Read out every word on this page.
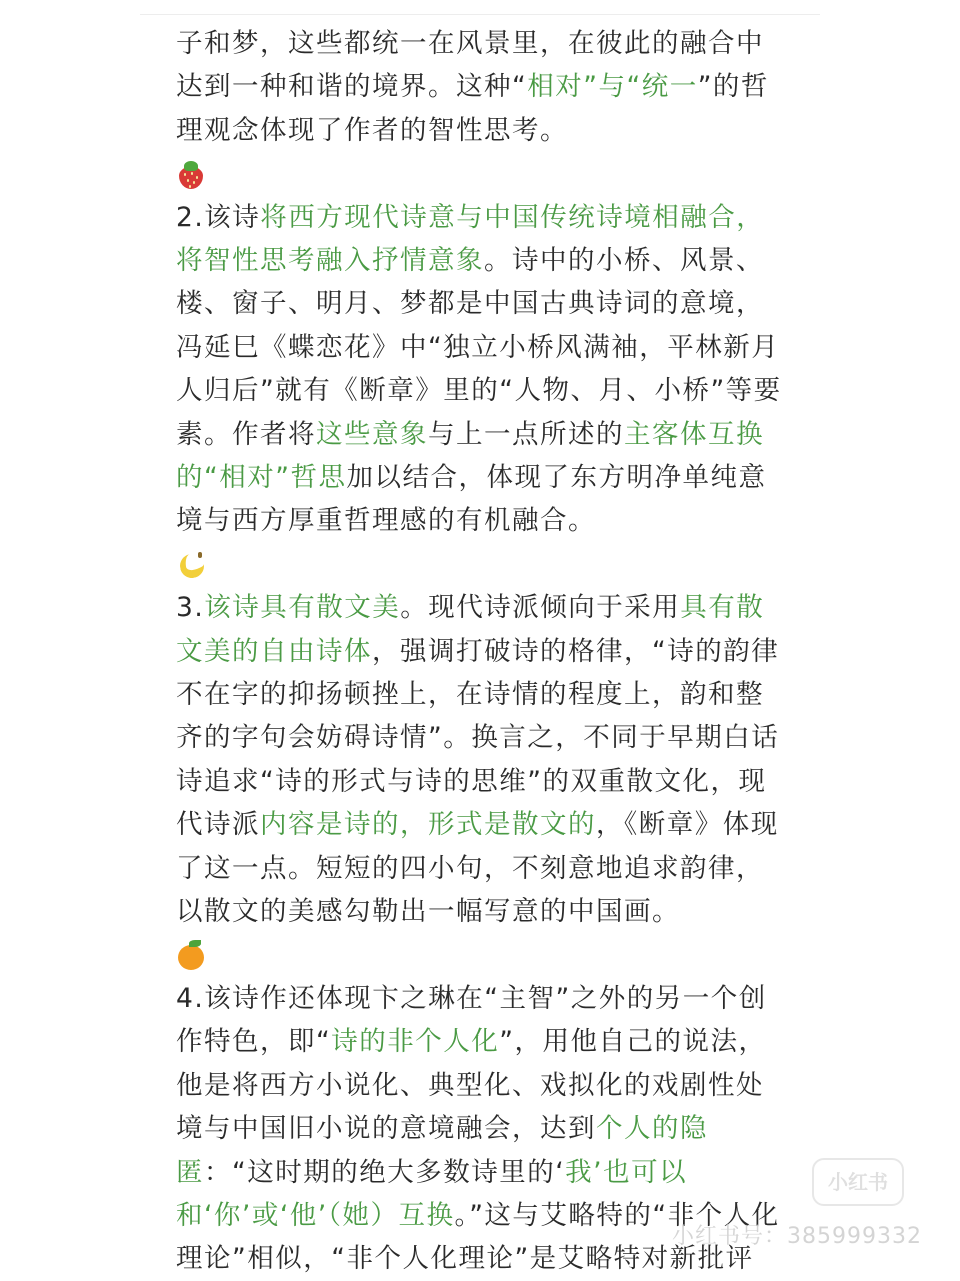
子和梦，这些都统一在风景里，在彼此的融合中达到一种和谐的境界。这种“相对”与“统一”的哲理观念体现了作者的智性思考。

2.该诗将西方现代诗意与中国传统诗境相融合，将智性思考融入抒情意象。诗中的小桥、风景、楼、窗子、明月、梦都是中国古典诗词的意境，冯延巳《蝶恋花》中“独立小桥风满袖，平林新月人归后”就有《断章》里的“人物、月、小桥”等要素。作者将这些意象与上一点所述的主客体互换的“相对”哲思加以结合，体现了东方明净单纯意境与西方厚重哲理感的有机融合。

3.该诗具有散文美。现代诗派倾向于采用具有散文美的自由诗体，强调打破诗的格律，“诗的韵律不在字的抑扬顿挫上，在诗情的程度上，韵和整齐的字句会妨碍诗情”。换言之，不同于早期白话诗追求“诗的形式与诗的思维”的双重散文化，现代诗派内容是诗的，形式是散文的，《断章》体现了这一点。短短的四小句，不刻意地追求韵律，以散文的美感勾勒出一幅写意的中国画。

4.该诗作还体现卞之琳在“主智”之外的另一个创作特色，即“诗的非个人化”，用他自己的说法，他是将西方小说化、典型化、戏拟化的戏剧性处境与中国旧小说的意境融会，达到个人的隐匿：“这时期的绝大多数诗里的‘我’也可以和‘你’或‘他’（她）互换。”这与艾略特的“非个人化理论”相似，“非个人化理论”是艾略特对新批评

小红书
小红书号：385999332
